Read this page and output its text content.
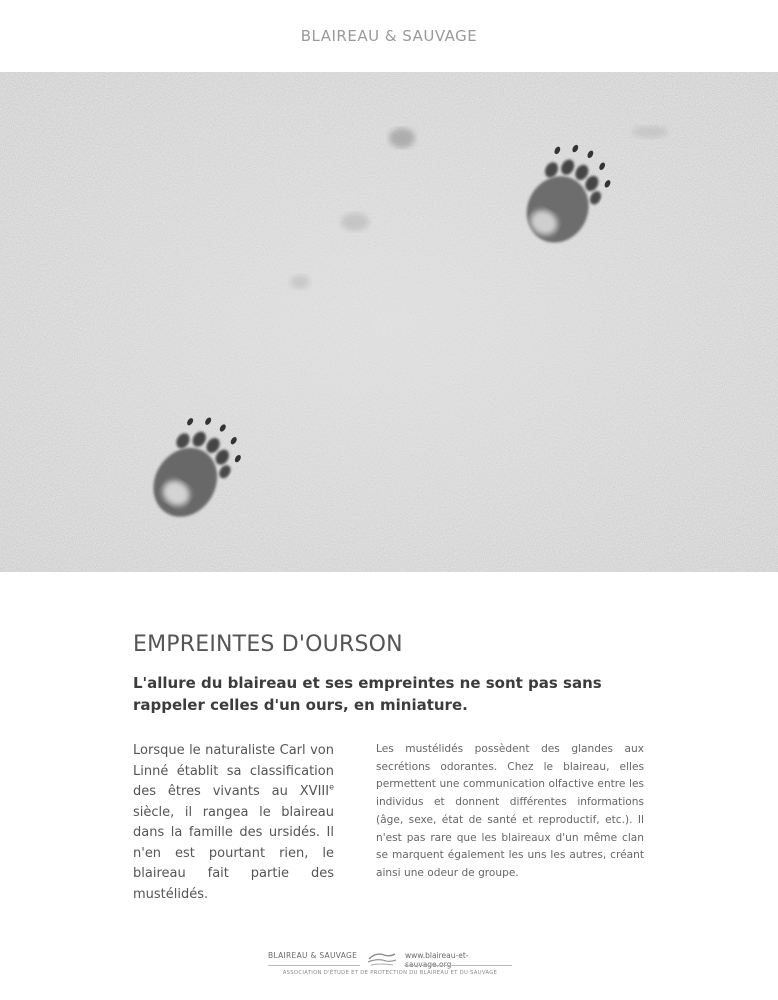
BLAIREAU & SAUVAGE
EMPREINTES D'OURSON

L'allure du blaireau et ses empreintes ne sont pas sans rappeler celles d'un ours, en miniature.

Lorsque le naturaliste Carl von Linné établit sa classification des êtres vivants au XVIIIe siècle, il rangea le blaireau dans la famille des ursidés. Il n'en est pourtant rien, le blaireau fait partie des mustélidés.

Les mustélidés possèdent des glandes aux secrétions odorantes. Chez le blaireau, elles permettent une communication olfactive entre les individus et donnent différentes informations (âge, sexe, état de santé et reproductif, etc.). Il n'est pas rare que les blaireaux d'un même clan se marquent également les uns les autres, créant ainsi une odeur de groupe.

BLAIREAU & SAUVAGE	www.blaireau-et-
ASSOCIATION D'ÉTUDE ET DE PROTECTION DU BLAIREAU ET DU SAUVAGE
